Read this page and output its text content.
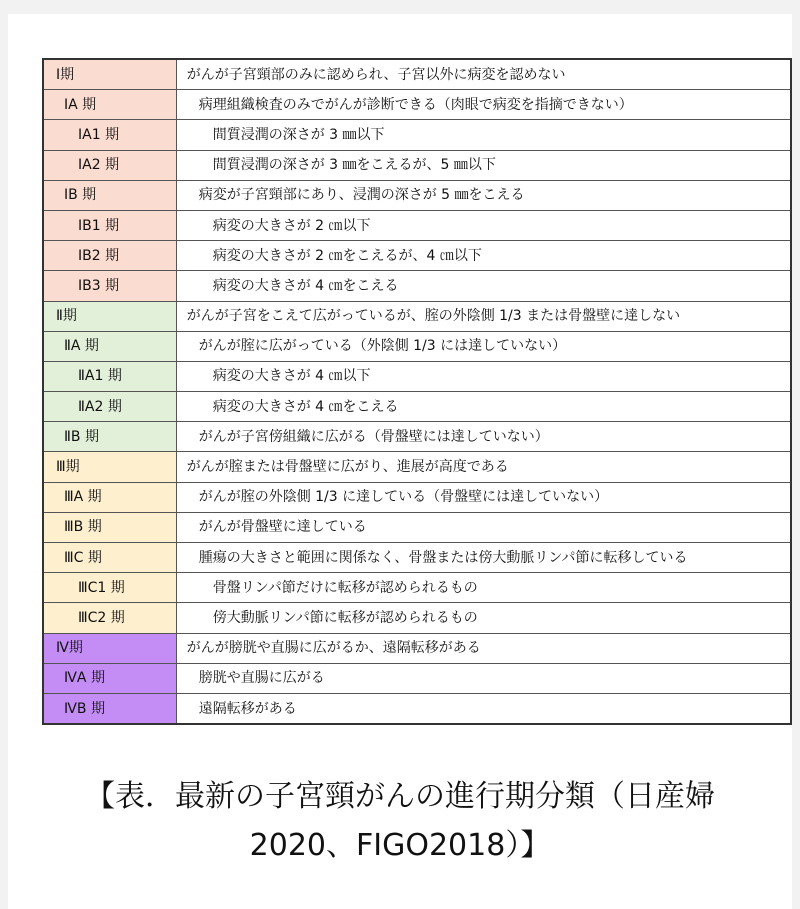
Ⅰ期	がんが子宮頸部のみに認められ、子宮以外に病変を認めない
ⅠA 期	病理組織検査のみでがんが診断できる（肉眼で病変を指摘できない）
ⅠA1 期	間質浸潤の深さが 3 ㎜以下
ⅠA2 期	間質浸潤の深さが 3 ㎜をこえるが、5 ㎜以下
ⅠB 期	病変が子宮頸部にあり、浸潤の深さが 5 ㎜をこえる
ⅠB1 期	病変の大きさが 2 ㎝以下
ⅠB2 期	病変の大きさが 2 ㎝をこえるが、4 ㎝以下
ⅠB3 期	病変の大きさが 4 ㎝をこえる
Ⅱ期	がんが子宮をこえて広がっているが、腟の外陰側 1/3 または骨盤壁に達しない
ⅡA 期	がんが腟に広がっている（外陰側 1/3 には達していない）
ⅡA1 期	病変の大きさが 4 ㎝以下
ⅡA2 期	病変の大きさが 4 ㎝をこえる
ⅡB 期	がんが子宮傍組織に広がる（骨盤壁には達していない）
Ⅲ期	がんが腟または骨盤壁に広がり、進展が高度である
ⅢA 期	がんが腟の外陰側 1/3 に達している（骨盤壁には達していない）
ⅢB 期	がんが骨盤壁に達している
ⅢC 期	腫瘍の大きさと範囲に関係なく、骨盤または傍大動脈リンパ節に転移している
ⅢC1 期	骨盤リンパ節だけに転移が認められるもの
ⅢC2 期	傍大動脈リンパ節に転移が認められるもの
Ⅳ期	がんが膀胱や直腸に広がるか、遠隔転移がある
ⅣA 期	膀胱や直腸に広がる
ⅣB 期	遠隔転移がある
【表．最新の子宮頸がんの進行期分類（日産婦
2020、FIGO2018）】
